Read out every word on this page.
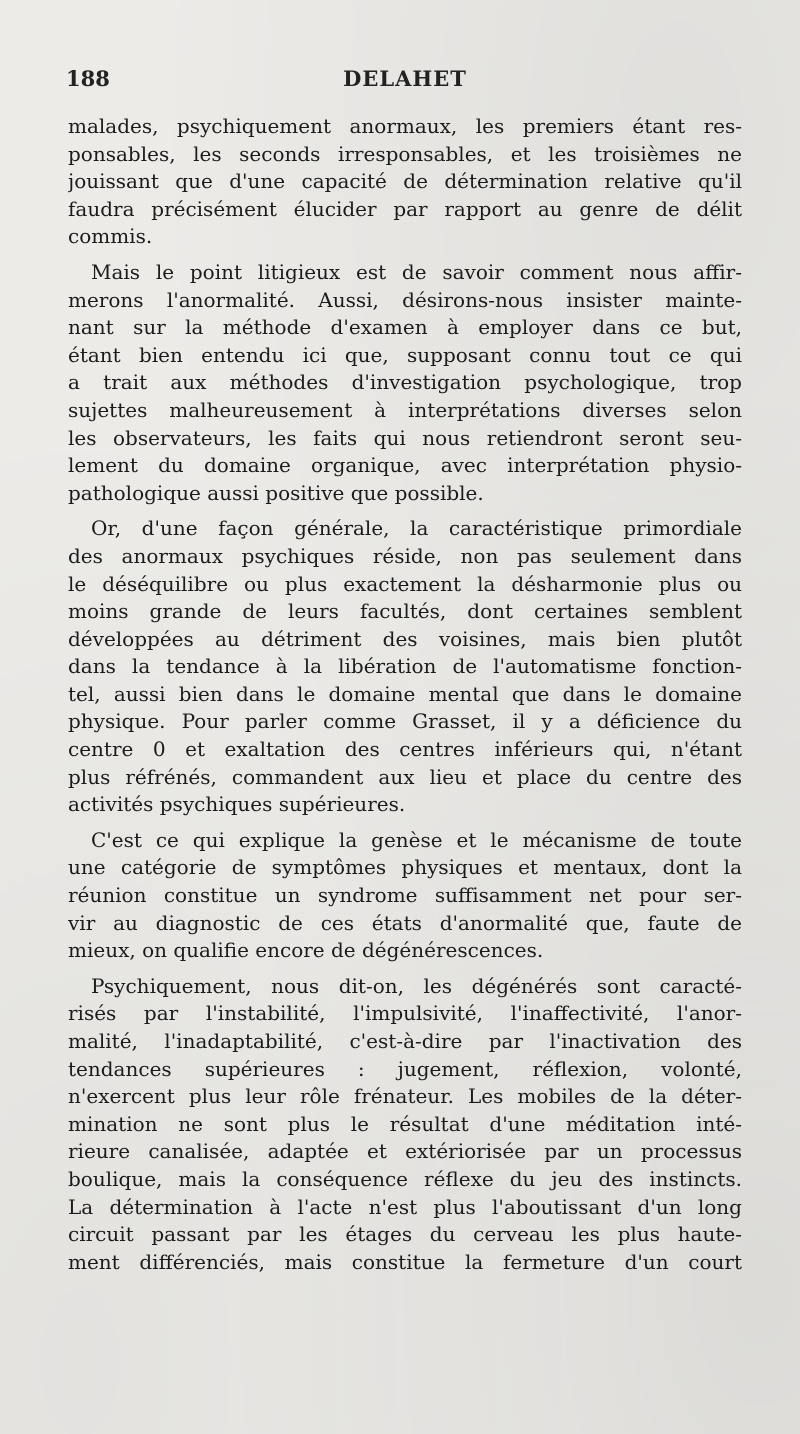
188	DELAHET
malades, psychiquement anormaux, les premiers étant res-
ponsables, les seconds irresponsables, et les troisièmes ne
jouissant que d'une capacité de détermination relative qu'il
faudra précisément élucider par rapport au genre de délit
commis.
Mais le point litigieux est de savoir comment nous affir-
merons l'anormalité. Aussi, désirons-nous insister mainte-
nant sur la méthode d'examen à employer dans ce but,
étant bien entendu ici que, supposant connu tout ce qui
a trait aux méthodes d'investigation psychologique, trop
sujettes malheureusement à interprétations diverses selon
les observateurs, les faits qui nous retiendront seront seu-
lement du domaine organique, avec interprétation physio-
pathologique aussi positive que possible.
Or, d'une façon générale, la caractéristique primordiale
des anormaux psychiques réside, non pas seulement dans
le déséquilibre ou plus exactement la désharmonie plus ou
moins grande de leurs facultés, dont certaines semblent
développées au détriment des voisines, mais bien plutôt
dans la tendance à la libération de l'automatisme fonction-
tel, aussi bien dans le domaine mental que dans le domaine
physique. Pour parler comme Grasset, il y a déficience du
centre 0 et exaltation des centres inférieurs qui, n'étant
plus réfrénés, commandent aux lieu et place du centre des
activités psychiques supérieures.
C'est ce qui explique la genèse et le mécanisme de toute
une catégorie de symptômes physiques et mentaux, dont la
réunion constitue un syndrome suffisamment net pour ser-
vir au diagnostic de ces états d'anormalité que, faute de
mieux, on qualifie encore de dégénérescences.
Psychiquement, nous dit-on, les dégénérés sont caracté-
risés par l'instabilité, l'impulsivité, l'inaffectivité, l'anor-
malité, l'inadaptabilité, c'est-à-dire par l'inactivation des
tendances supérieures : jugement, réflexion, volonté,
n'exercent plus leur rôle frénateur. Les mobiles de la déter-
mination ne sont plus le résultat d'une méditation inté-
rieure canalisée, adaptée et extériorisée par un processus
boulique, mais la conséquence réflexe du jeu des instincts.
La détermination à l'acte n'est plus l'aboutissant d'un long
circuit passant par les étages du cerveau les plus haute-
ment différenciés, mais constitue la fermeture d'un court
